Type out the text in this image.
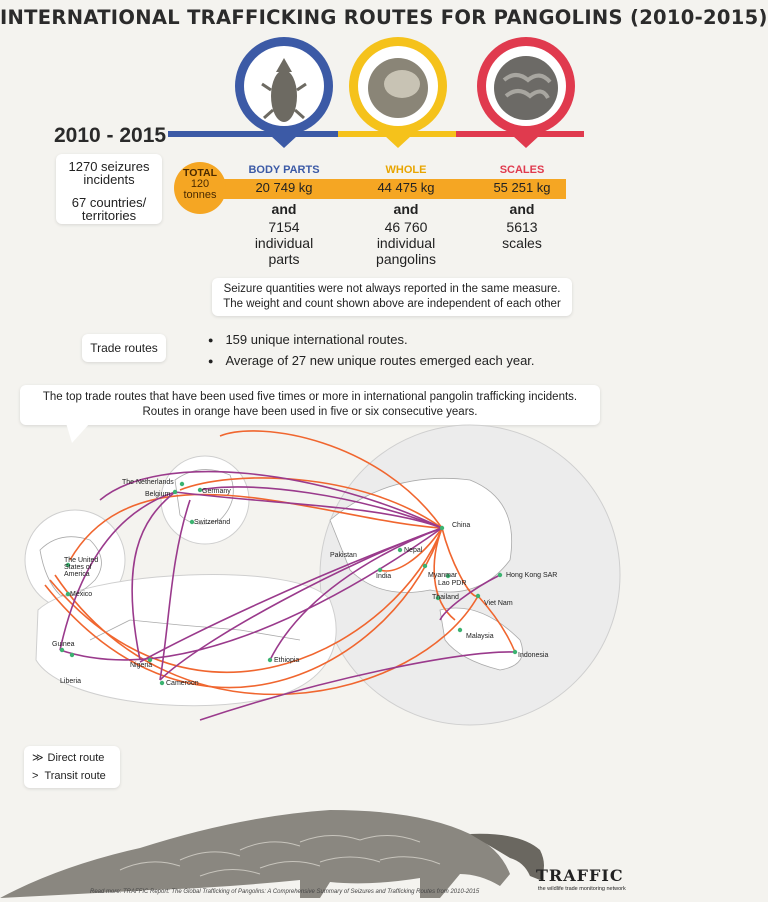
INTERNATIONAL TRAFFICKING ROUTES FOR PANGOLINS (2010-2015)
2010 - 2015
1270 seizures incidents
67 countries/ territories
TOTAL
120
tonnes
BODY PARTS
20 749 kg
and
7154
individual parts
WHOLE
44 475 kg
and
46 760
individual pangolins
SCALES
55 251 kg
and
5613
scales
Seizure quantities were not always reported in the same measure.
The weight and count shown above are independent of each other
Trade routes
● 159 unique international routes.
● Average of 27 new unique routes emerged each year.
The top trade routes that have been used five times or more in international pangolin trafficking incidents.
Routes in orange have been used in five or six consecutive years.
The Netherlands
Belgium	Germany
Switzerland
The United States of America
Mexico
Guinea
Liberia
Nigeria
Cameroon
Ethiopia
China
Pakistan
Nepal
India	Myanmar
Lao PDR
Thailand
Hong Kong SAR
Viet Nam
Malaysia
Indonesia
≫ Direct route
> Transit route
Read more: TRAFFIC Report: The Global Trafficking of Pangolins: A Comprehensive Summary of Seizures and Trafficking Routes from 2010-2015
TRAFFIC
the wildlife trade monitoring network
